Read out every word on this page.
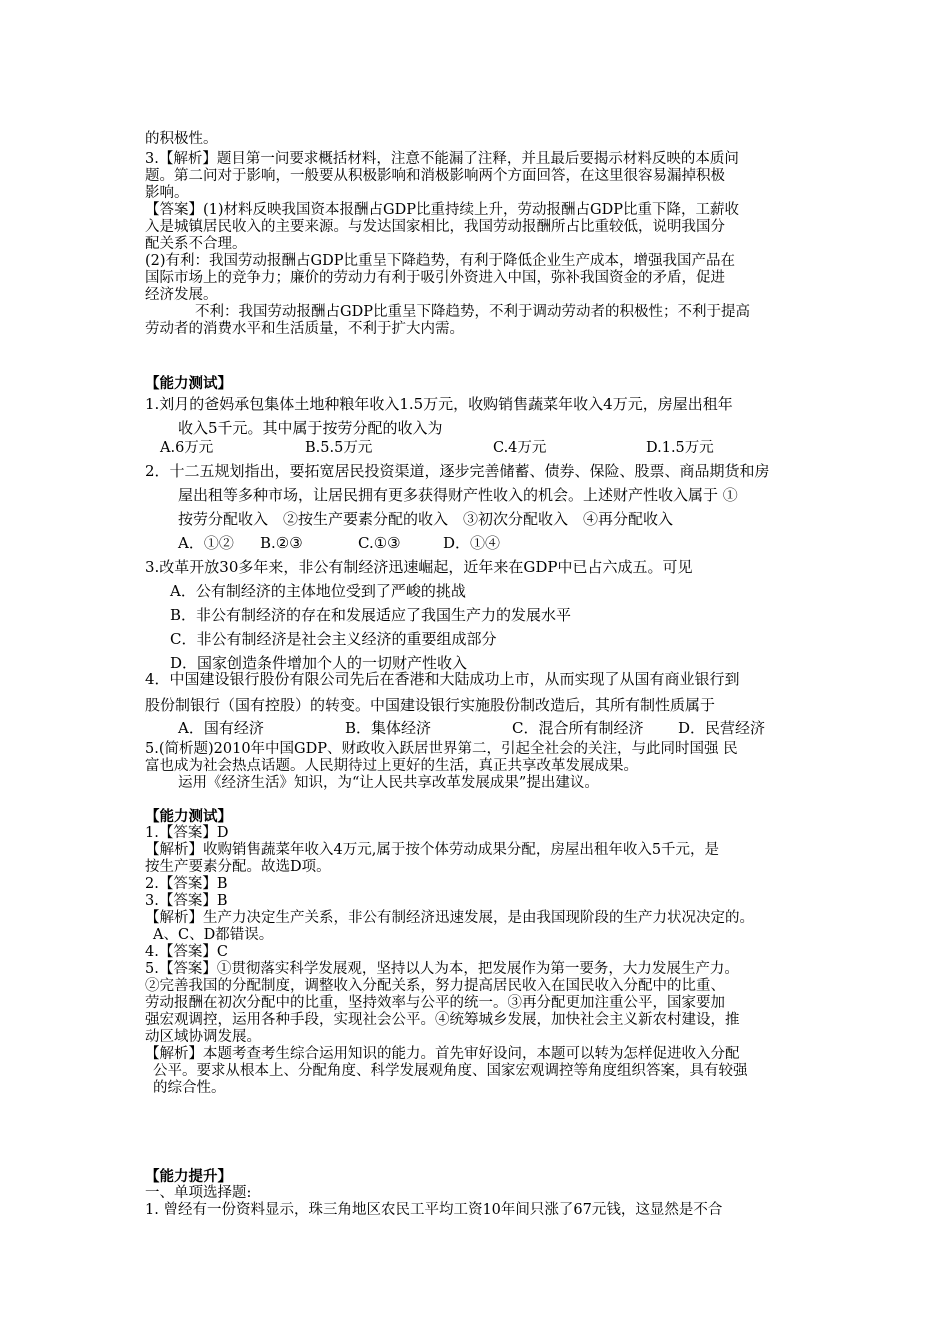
的积极性。
3.【解析】题目第一问要求概括材料，注意不能漏了注释，并且最后要揭示材料反映的本质问
题。第二问对于影响，一般要从积极影响和消极影响两个方面回答，在这里很容易漏掉积极
影响。
【答案】(1)材料反映我国资本报酬占GDP比重持续上升，劳动报酬占GDP比重下降，工薪收
入是城镇居民收入的主要来源。与发达国家相比，我国劳动报酬所占比重较低，说明我国分
配关系不合理。
(2)有利：我国劳动报酬占GDP比重呈下降趋势，有利于降低企业生产成本，增强我国产品在
国际市场上的竞争力；廉价的劳动力有利于吸引外资进入中国，弥补我国资金的矛盾，促进
经济发展。
不利：我国劳动报酬占GDP比重呈下降趋势，不利于调动劳动者的积极性；不利于提高
劳动者的消费水平和生活质量，不利于扩大内需。
【能力测试】
1.刘月的爸妈承包集体土地种粮年收入1.5万元，收购销售蔬菜年收入4万元，房屋出租年
收入5千元。其中属于按劳分配的收入为
A.6万元	B.5.5万元	C.4万元	D.1.5万元
2．十二五规划指出，要拓宽居民投资渠道，逐步完善储蓄、债券、保险、股票、商品期货和房
屋出租等多种市场，让居民拥有更多获得财产性收入的机会。上述财产性收入属于 ①
按劳分配收入　②按生产要素分配的收入　③初次分配收入　④再分配收入
A．①② B.②③	C.①③	D．①④
3.改革开放30多年来，非公有制经济迅速崛起，近年来在GDP中已占六成五。可见
A．公有制经济的主体地位受到了严峻的挑战
B．非公有制经济的存在和发展适应了我国生产力的发展水平
C．非公有制经济是社会主义经济的重要组成部分
D．国家创造条件增加个人的一切财产性收入
4．中国建设银行股份有限公司先后在香港和大陆成功上市，从而实现了从国有商业银行到
股份制银行（国有控股）的转变。中国建设银行实施股份制改造后，其所有制性质属于
A．国有经济	B．集体经济	C．混合所有制经济 D．民营经济
5.(简析题)2010年中国GDP、财政收入跃居世界第二，引起全社会的关注，与此同时国强 民
富也成为社会热点话题。人民期待过上更好的生活，真正共享改革发展成果。
运用《经济生活》知识，为“让人民共享改革发展成果”提出建议。
【能力测试】
1.【答案】D
【解析】收购销售蔬菜年收入4万元,属于按个体劳动成果分配，房屋出租年收入5千元，是
按生产要素分配。故选D项。
2.【答案】B
3.【答案】B
【解析】生产力决定生产关系，非公有制经济迅速发展，是由我国现阶段的生产力状况决定的。
A、C、D都错误。
4.【答案】C
5.【答案】①贯彻落实科学发展观，坚持以人为本，把发展作为第一要务，大力发展生产力。
②完善我国的分配制度，调整收入分配关系，努力提高居民收入在国民收入分配中的比重、
劳动报酬在初次分配中的比重，坚持效率与公平的统一。③再分配更加注重公平，国家要加
强宏观调控，运用各种手段，实现社会公平。④统筹城乡发展，加快社会主义新农村建设，推
动区域协调发展。
【解析】本题考查考生综合运用知识的能力。首先审好设问，本题可以转为怎样促进收入分配
公平。要求从根本上、分配角度、科学发展观角度、国家宏观调控等角度组织答案，具有较强
的综合性。
【能力提升】
一、单项选择题:
1. 曾经有一份资料显示，珠三角地区农民工平均工资10年间只涨了67元钱，这显然是不合
